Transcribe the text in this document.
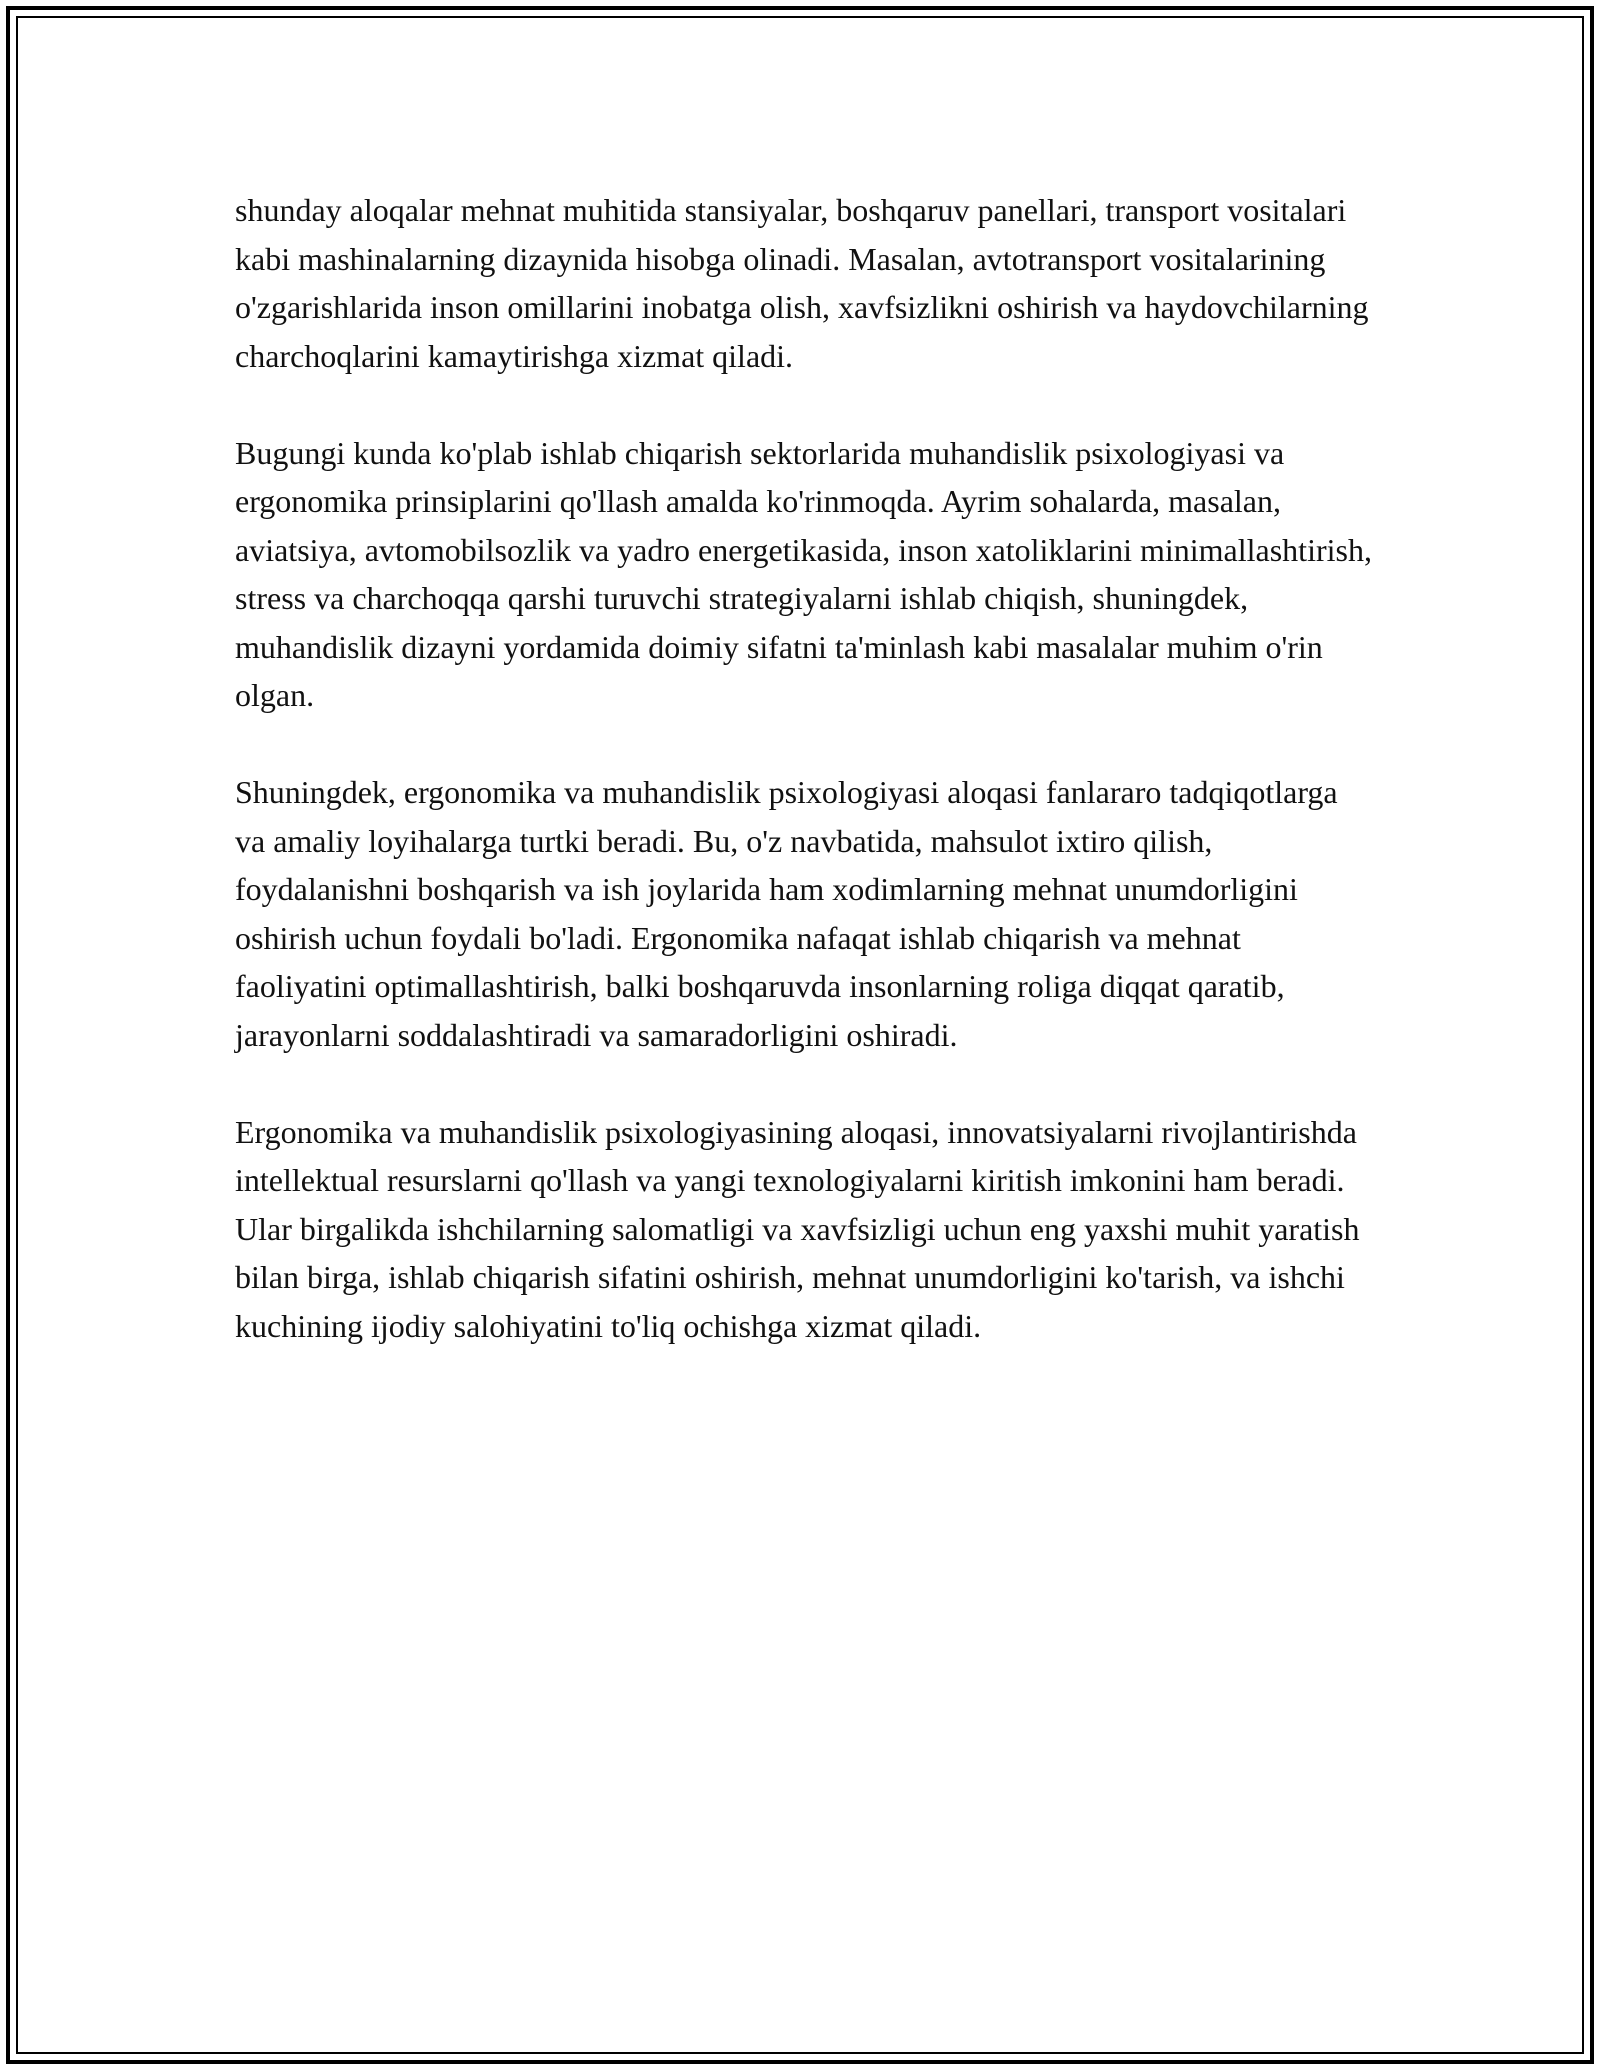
shunday aloqalar mehnat muhitida stansiyalar, boshqaruv panellari, transport vositalari kabi mashinalarning dizaynida hisobga olinadi. Masalan, avtotransport vositalarining o'zgarishlarida inson omillarini inobatga olish, xavfsizlikni oshirish va haydovchilarning charchoqlarini kamaytirishga xizmat qiladi.

Bugungi kunda ko'plab ishlab chiqarish sektorlarida muhandislik psixologiyasi va ergonomika prinsiplarini qo'llash amalda ko'rinmoqda. Ayrim sohalarda, masalan, aviatsiya, avtomobilsozlik va yadro energetikasida, inson xatoliklarini minimallashtirish, stress va charchoqqa qarshi turuvchi strategiyalarni ishlab chiqish, shuningdek, muhandislik dizayni yordamida doimiy sifatni ta'minlash kabi masalalar muhim o'rin olgan.

Shuningdek, ergonomika va muhandislik psixologiyasi aloqasi fanlararo tadqiqotlarga va amaliy loyihalarga turtki beradi. Bu, o'z navbatida, mahsulot ixtiro qilish, foydalanishni boshqarish va ish joylarida ham xodimlarning mehnat unumdorligini oshirish uchun foydali bo'ladi. Ergonomika nafaqat ishlab chiqarish va mehnat faoliyatini optimallashtirish, balki boshqaruvda insonlarning roliga diqqat qaratib, jarayonlarni soddalashtiradi va samaradorligini oshiradi.

Ergonomika va muhandislik psixologiyasining aloqasi, innovatsiyalarni rivojlantirishda intellektual resurslarni qo'llash va yangi texnologiyalarni kiritish imkonini ham beradi. Ular birgalikda ishchilarning salomatligi va xavfsizligi uchun eng yaxshi muhit yaratish bilan birga, ishlab chiqarish sifatini oshirish, mehnat unumdorligini ko'tarish, va ishchi kuchining ijodiy salohiyatini to'liq ochishga xizmat qiladi.
